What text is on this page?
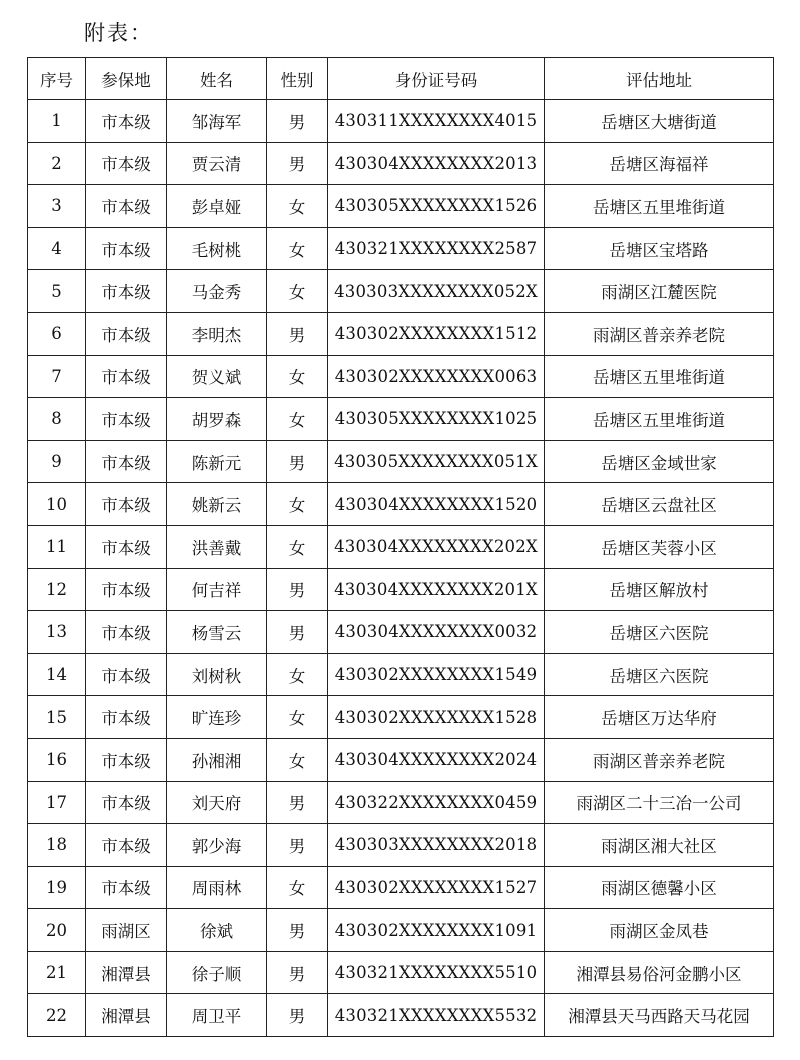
附表：
序号	参保地	姓名	性别	身份证号码	评估地址
1	市本级	邹海军	男	430311XXXXXXXX4015	岳塘区大塘街道
2	市本级	贾云清	男	430304XXXXXXXX2013	岳塘区海福祥
3	市本级	彭卓娅	女	430305XXXXXXXX1526	岳塘区五里堆街道
4	市本级	毛树桃	女	430321XXXXXXXX2587	岳塘区宝塔路
5	市本级	马金秀	女	430303XXXXXXXX052X	雨湖区江麓医院
6	市本级	李明杰	男	430302XXXXXXXX1512	雨湖区普亲养老院
7	市本级	贺义斌	女	430302XXXXXXXX0063	岳塘区五里堆街道
8	市本级	胡罗森	女	430305XXXXXXXX1025	岳塘区五里堆街道
9	市本级	陈新元	男	430305XXXXXXXX051X	岳塘区金域世家
10	市本级	姚新云	女	430304XXXXXXXX1520	岳塘区云盘社区
11	市本级	洪善戴	女	430304XXXXXXXX202X	岳塘区芙蓉小区
12	市本级	何吉祥	男	430304XXXXXXXX201X	岳塘区解放村
13	市本级	杨雪云	男	430304XXXXXXXX0032	岳塘区六医院
14	市本级	刘树秋	女	430302XXXXXXXX1549	岳塘区六医院
15	市本级	旷连珍	女	430302XXXXXXXX1528	岳塘区万达华府
16	市本级	孙湘湘	女	430304XXXXXXXX2024	雨湖区普亲养老院
17	市本级	刘天府	男	430322XXXXXXXX0459	雨湖区二十三冶一公司
18	市本级	郭少海	男	430303XXXXXXXX2018	雨湖区湘大社区
19	市本级	周雨林	女	430302XXXXXXXX1527	雨湖区德馨小区
20	雨湖区	徐斌	男	430302XXXXXXXX1091	雨湖区金凤巷
21	湘潭县	徐子顺	男	430321XXXXXXXX5510	湘潭县易俗河金鹏小区
22	湘潭县	周卫平	男	430321XXXXXXXX5532	湘潭县天马西路天马花园
